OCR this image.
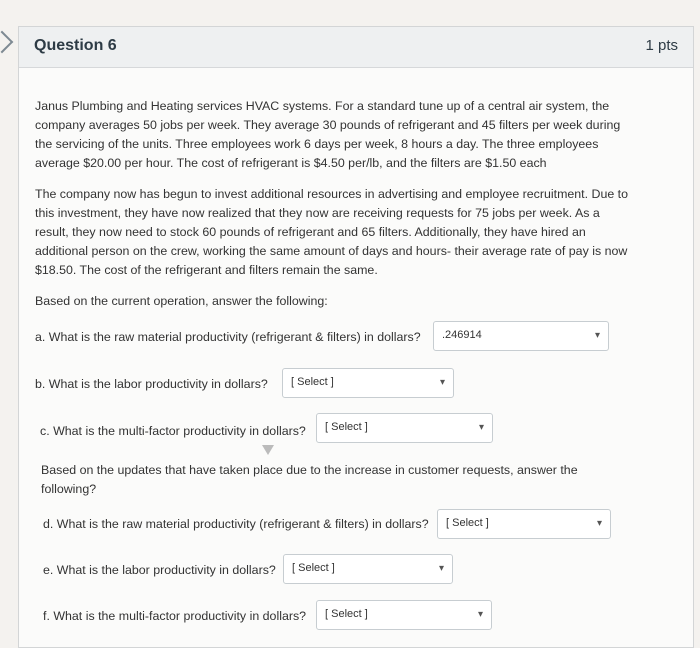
Question 6	1 pts
Janus Plumbing and Heating services HVAC systems. For a standard tune up of a central air system, the company averages 50 jobs per week. They average 30 pounds of refrigerant and 45 filters per week during the servicing of the units. Three employees work 6 days per week, 8 hours a day. The three employees average $20.00 per hour. The cost of refrigerant is $4.50 per/lb, and the filters are $1.50 each
The company now has begun to invest additional resources in advertising and employee recruitment. Due to this investment, they have now realized that they now are receiving requests for 75 jobs per week. As a result, they now need to stock 60 pounds of refrigerant and 65 filters. Additionally, they have hired an additional person on the crew, working the same amount of days and hours- their average rate of pay is now $18.50. The cost of the refrigerant and filters remain the same.
Based on the current operation, answer the following:
a. What is the raw material productivity (refrigerant & filters) in dollars? .246914	▾
b. What is the labor productivity in dollars? [ Select ]	▾
c. What is the multi-factor productivity in dollars? [ Select ]	▾
Based on the updates that have taken place due to the increase in customer requests, answer the following?
d. What is the raw material productivity (refrigerant & filters) in dollars? [ Select ]	▾
e. What is the labor productivity in dollars? [ Select ]	▾
f. What is the multi-factor productivity in dollars? [ Select ]	▾
